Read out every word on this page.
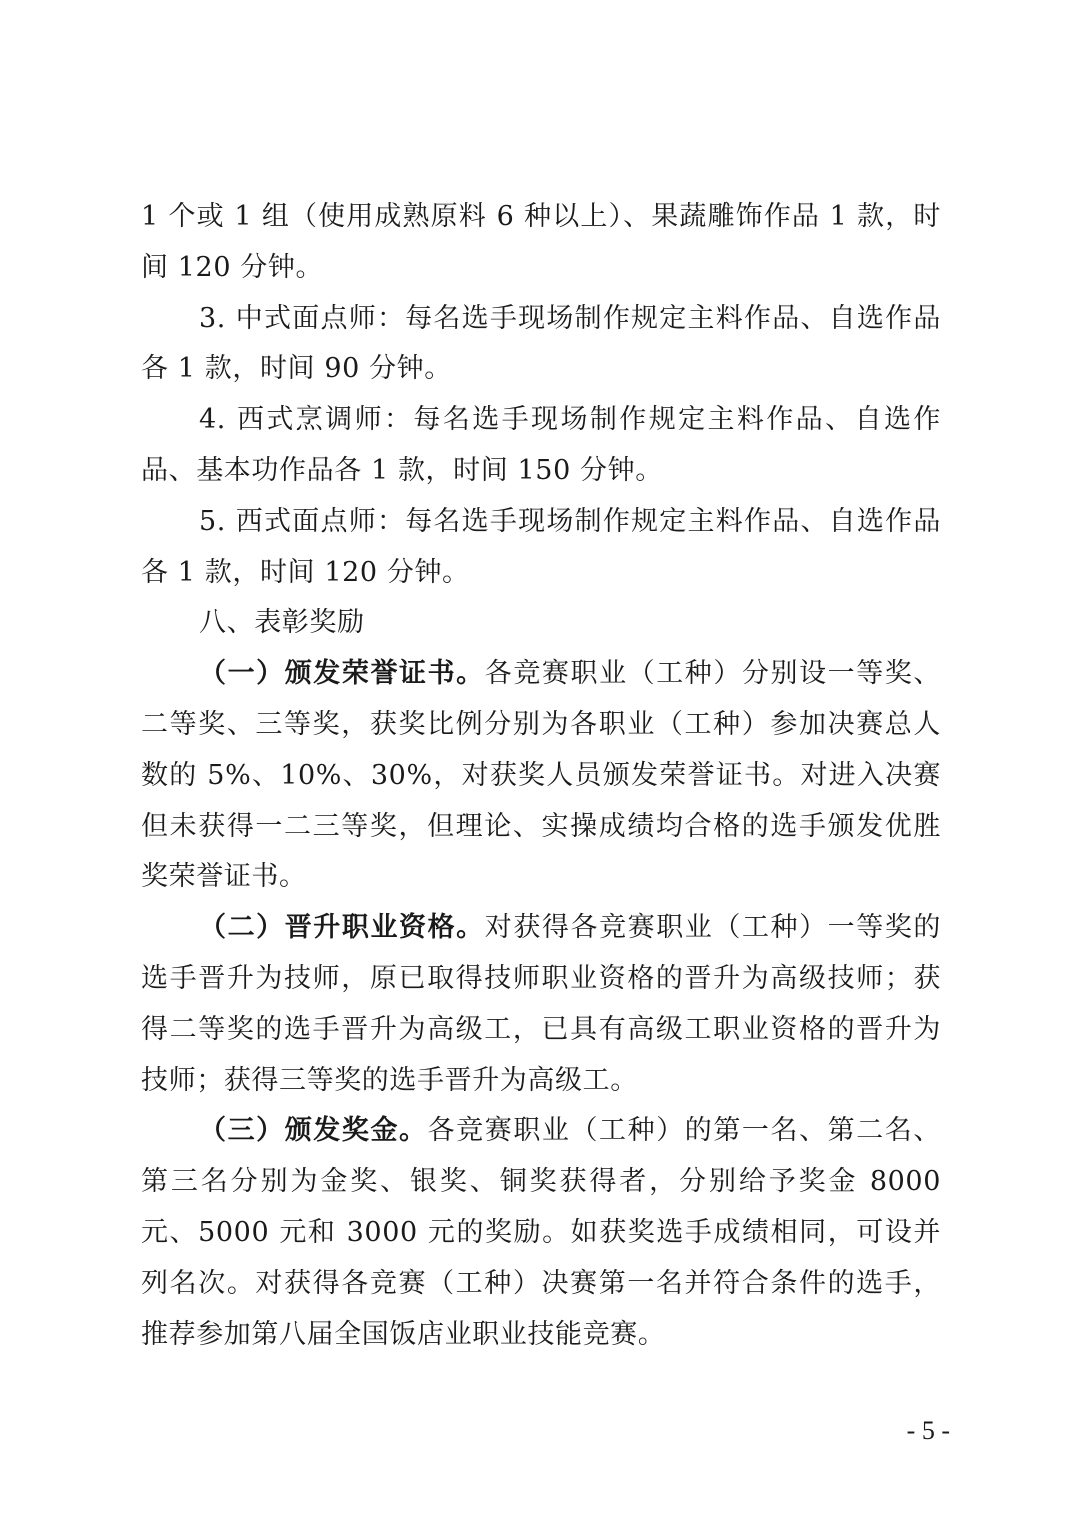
1 个或 1 组（使用成熟原料 6 种以上）、果蔬雕饰作品 1 款，时间 120 分钟。

3. 中式面点师：每名选手现场制作规定主料作品、自选作品各 1 款，时间 90 分钟。

4. 西式烹调师：每名选手现场制作规定主料作品、自选作品、基本功作品各 1 款，时间 150 分钟。

5. 西式面点师：每名选手现场制作规定主料作品、自选作品各 1 款，时间 120 分钟。

八、表彰奖励

（一）颁发荣誉证书。各竞赛职业（工种）分别设一等奖、二等奖、三等奖，获奖比例分别为各职业（工种）参加决赛总人数的 5%、10%、30%，对获奖人员颁发荣誉证书。对进入决赛但未获得一二三等奖，但理论、实操成绩均合格的选手颁发优胜奖荣誉证书。

（二）晋升职业资格。对获得各竞赛职业（工种）一等奖的选手晋升为技师，原已取得技师职业资格的晋升为高级技师；获得二等奖的选手晋升为高级工，已具有高级工职业资格的晋升为技师；获得三等奖的选手晋升为高级工。

（三）颁发奖金。各竞赛职业（工种）的第一名、第二名、第三名分别为金奖、银奖、铜奖获得者，分别给予奖金 8000 元、5000 元和 3000 元的奖励。如获奖选手成绩相同，可设并列名次。对获得各竞赛（工种）决赛第一名并符合条件的选手，推荐参加第八届全国饭店业职业技能竞赛。

- 5 -
